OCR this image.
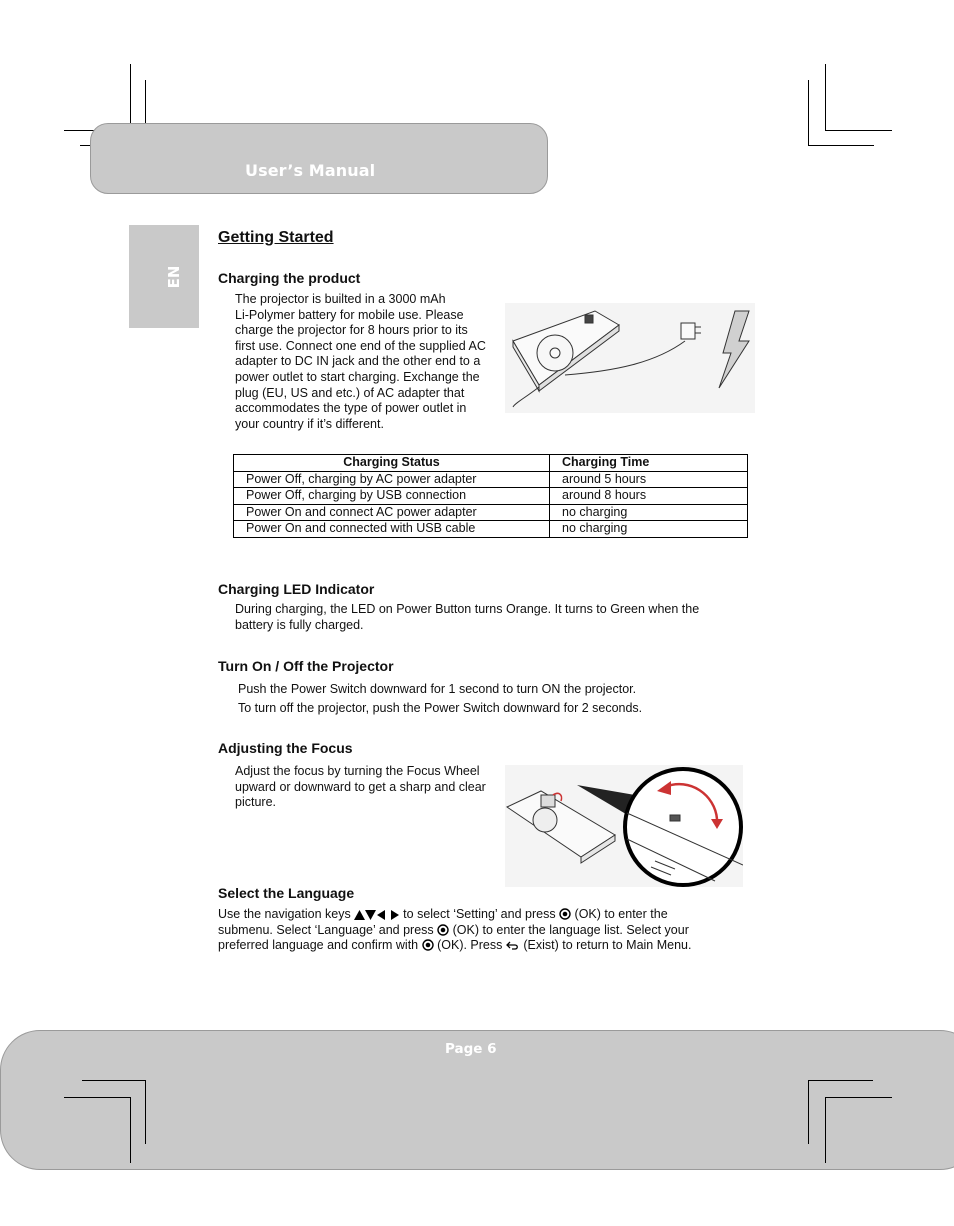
User’s Manual
EN
Getting Started
Charging the product
The projector is builted in a 3000 mAh
Li-Polymer battery for mobile use. Please
charge the projector for 8 hours prior to its
first use. Connect one end of the supplied AC
adapter to DC IN jack and the other end to a
power outlet to start charging. Exchange the
plug (EU, US and etc.) of AC adapter that
accommodates the type of power outlet in
your country if it’s different.
Charging Status	Charging Time
Power Off, charging by AC power adapter	around 5 hours
Power Off, charging by USB connection	around 8 hours
Power On and connect AC power adapter	no charging
Power On and connected with USB cable	no charging
Charging LED Indicator
During charging, the LED on Power Button turns Orange. It turns to Green when the
battery is fully charged.
Turn On / Off the Projector
Push the Power Switch downward for 1 second to turn ON the projector.
To turn off the projector, push the Power Switch downward for 2 seconds.
Adjusting the Focus
Adjust the focus by turning the Focus Wheel
upward or downward to get a sharp and clear
picture.
Select the Language
Use the navigation keys	to select ‘Setting’ and press (OK) to enter the
submenu. Select ‘Language’ and press (OK) to enter the language list. Select your
preferred language and confirm with (OK). Press (Exist) to return to Main Menu.
Page 6
